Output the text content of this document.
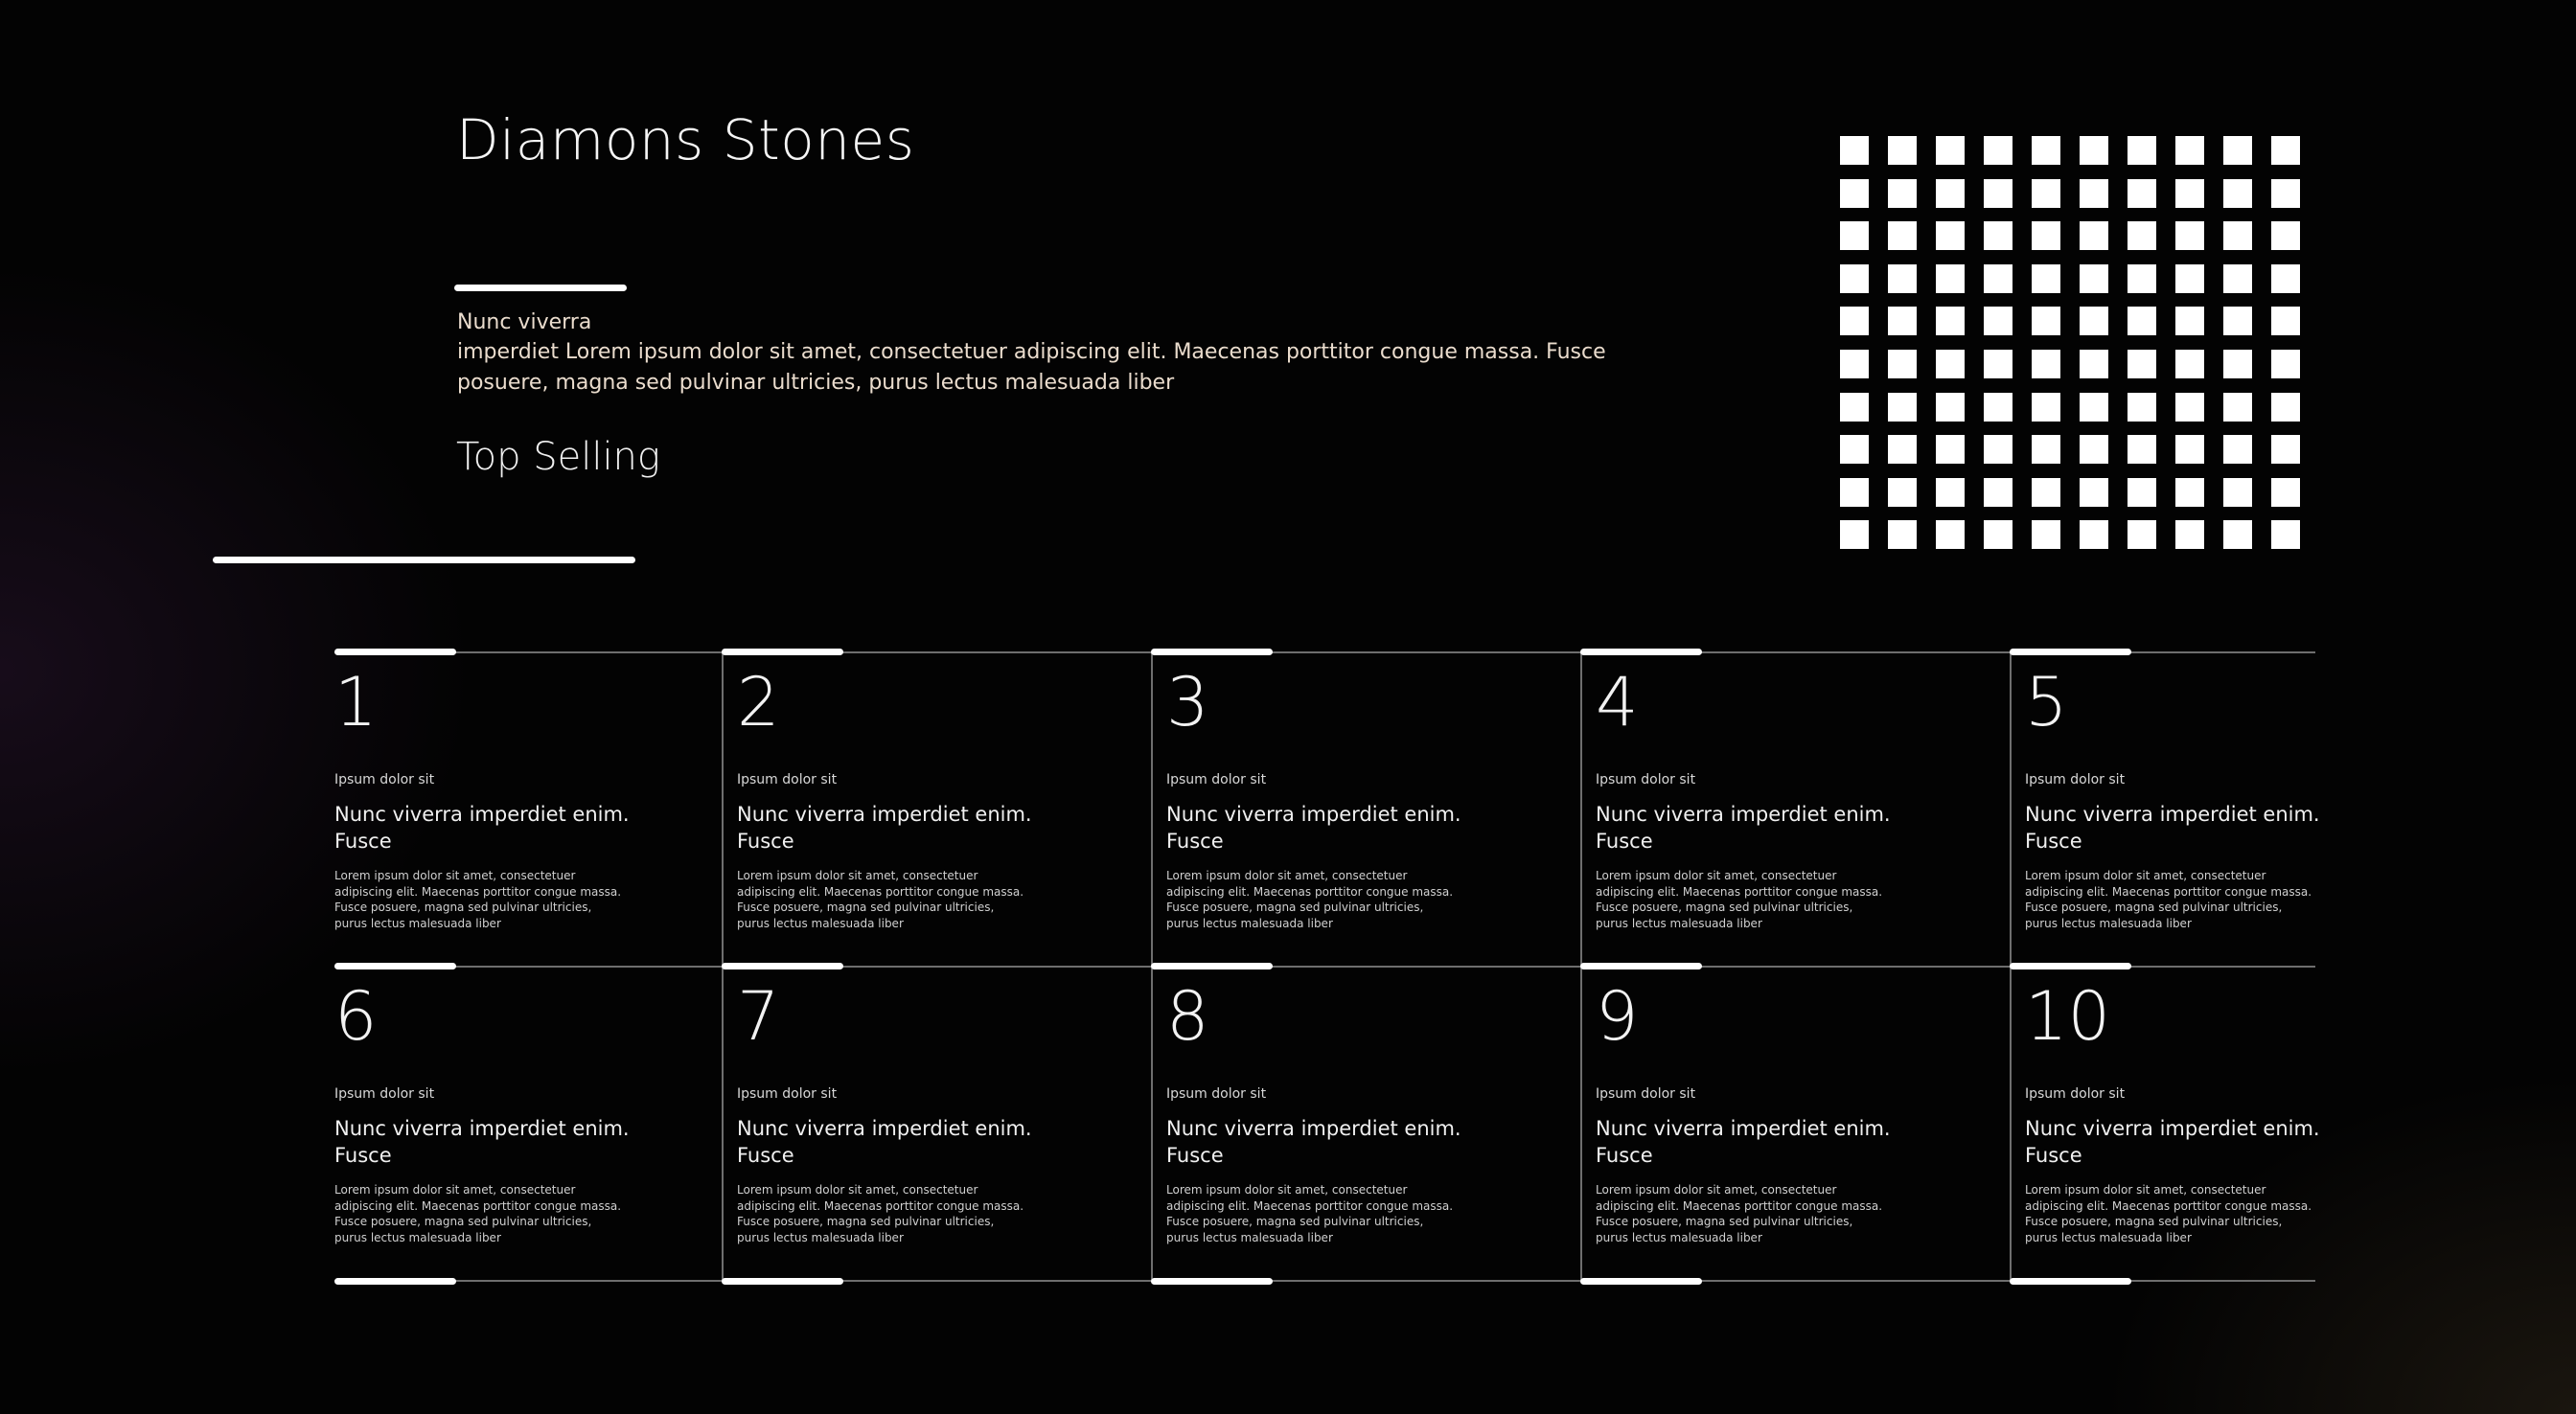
Diamons Stones
Nunc viverra
imperdiet Lorem ipsum dolor sit amet, consectetuer adipiscing elit. Maecenas porttitor congue massa. Fusce posuere, magna sed pulvinar ultricies, purus lectus malesuada liber
Top Selling
1
Ipsum dolor sit
Nunc viverra imperdiet enim. Fusce
Lorem ipsum dolor sit amet, consectetuer adipiscing elit. Maecenas porttitor congue massa. Fusce posuere, magna sed pulvinar ultricies, purus lectus malesuada liber
2
Ipsum dolor sit
Nunc viverra imperdiet enim. Fusce
Lorem ipsum dolor sit amet, consectetuer adipiscing elit. Maecenas porttitor congue massa. Fusce posuere, magna sed pulvinar ultricies, purus lectus malesuada liber
3
Ipsum dolor sit
Nunc viverra imperdiet enim. Fusce
Lorem ipsum dolor sit amet, consectetuer adipiscing elit. Maecenas porttitor congue massa. Fusce posuere, magna sed pulvinar ultricies, purus lectus malesuada liber
4
Ipsum dolor sit
Nunc viverra imperdiet enim. Fusce
Lorem ipsum dolor sit amet, consectetuer adipiscing elit. Maecenas porttitor congue massa. Fusce posuere, magna sed pulvinar ultricies, purus lectus malesuada liber
5
Ipsum dolor sit
Nunc viverra imperdiet enim. Fusce
Lorem ipsum dolor sit amet, consectetuer adipiscing elit. Maecenas porttitor congue massa. Fusce posuere, magna sed pulvinar ultricies, purus lectus malesuada liber
6
Ipsum dolor sit
Nunc viverra imperdiet enim. Fusce
Lorem ipsum dolor sit amet, consectetuer adipiscing elit. Maecenas porttitor congue massa. Fusce posuere, magna sed pulvinar ultricies, purus lectus malesuada liber
7
Ipsum dolor sit
Nunc viverra imperdiet enim. Fusce
Lorem ipsum dolor sit amet, consectetuer adipiscing elit. Maecenas porttitor congue massa. Fusce posuere, magna sed pulvinar ultricies, purus lectus malesuada liber
8
Ipsum dolor sit
Nunc viverra imperdiet enim. Fusce
Lorem ipsum dolor sit amet, consectetuer adipiscing elit. Maecenas porttitor congue massa. Fusce posuere, magna sed pulvinar ultricies, purus lectus malesuada liber
9
Ipsum dolor sit
Nunc viverra imperdiet enim. Fusce
Lorem ipsum dolor sit amet, consectetuer adipiscing elit. Maecenas porttitor congue massa. Fusce posuere, magna sed pulvinar ultricies, purus lectus malesuada liber
10
Ipsum dolor sit
Nunc viverra imperdiet enim. Fusce
Lorem ipsum dolor sit amet, consectetuer adipiscing elit. Maecenas porttitor congue massa. Fusce posuere, magna sed pulvinar ultricies, purus lectus malesuada liber
